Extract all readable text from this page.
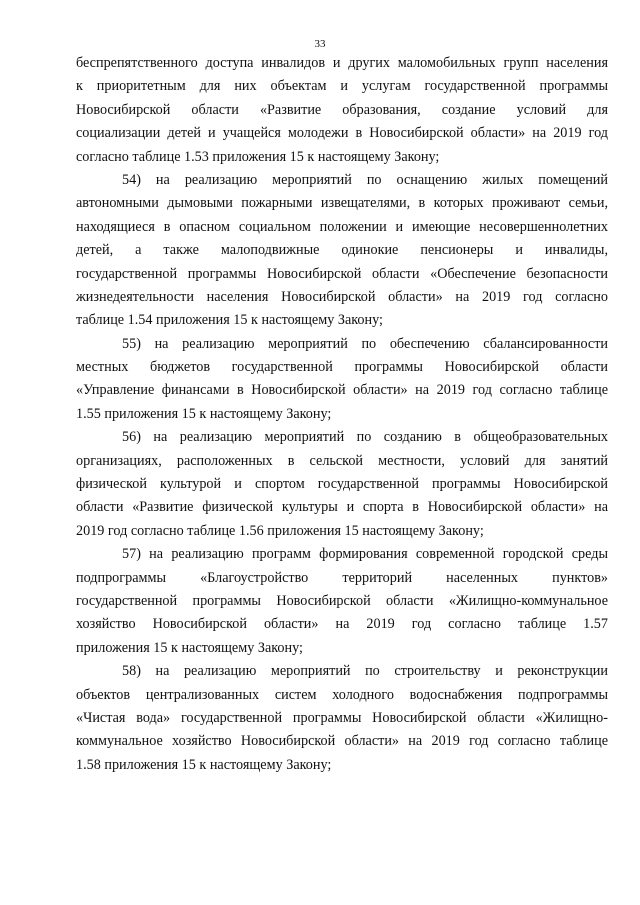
33
беспрепятственного доступа инвалидов и других маломобильных групп населения
к приоритетным для них объектам и услугам государственной программы
Новосибирской области «Развитие образования, создание условий для
социализации детей и учащейся молодежи в Новосибирской области» на 2019 год
согласно таблице 1.53 приложения 15 к настоящему Закону;
54) на реализацию мероприятий по оснащению жилых помещений
автономными дымовыми пожарными извещателями, в которых проживают семьи,
находящиеся в опасном социальном положении и имеющие несовершеннолетних
детей, а также малоподвижные одинокие пенсионеры и инвалиды,
государственной программы Новосибирской области «Обеспечение безопасности
жизнедеятельности населения Новосибирской области» на 2019 год согласно
таблице 1.54 приложения 15 к настоящему Закону;
55) на реализацию мероприятий по обеспечению сбалансированности
местных бюджетов государственной программы Новосибирской области
«Управление финансами в Новосибирской области» на 2019 год согласно таблице
1.55 приложения 15 к настоящему Закону;
56) на реализацию мероприятий по созданию в общеобразовательных
организациях, расположенных в сельской местности, условий для занятий
физической культурой и спортом государственной программы Новосибирской
области «Развитие физической культуры и спорта в Новосибирской области» на
2019 год согласно таблице 1.56 приложения 15 настоящему Закону;
57) на реализацию программ формирования современной городской среды
подпрограммы «Благоустройство территорий населенных пунктов»
государственной программы Новосибирской области «Жилищно-коммунальное
хозяйство Новосибирской области» на 2019 год согласно таблице 1.57
приложения 15 к настоящему Закону;
58) на реализацию мероприятий по строительству и реконструкции
объектов централизованных систем холодного водоснабжения подпрограммы
«Чистая вода» государственной программы Новосибирской области «Жилищно-
коммунальное хозяйство Новосибирской области» на 2019 год согласно таблице
1.58 приложения 15 к настоящему Закону;
